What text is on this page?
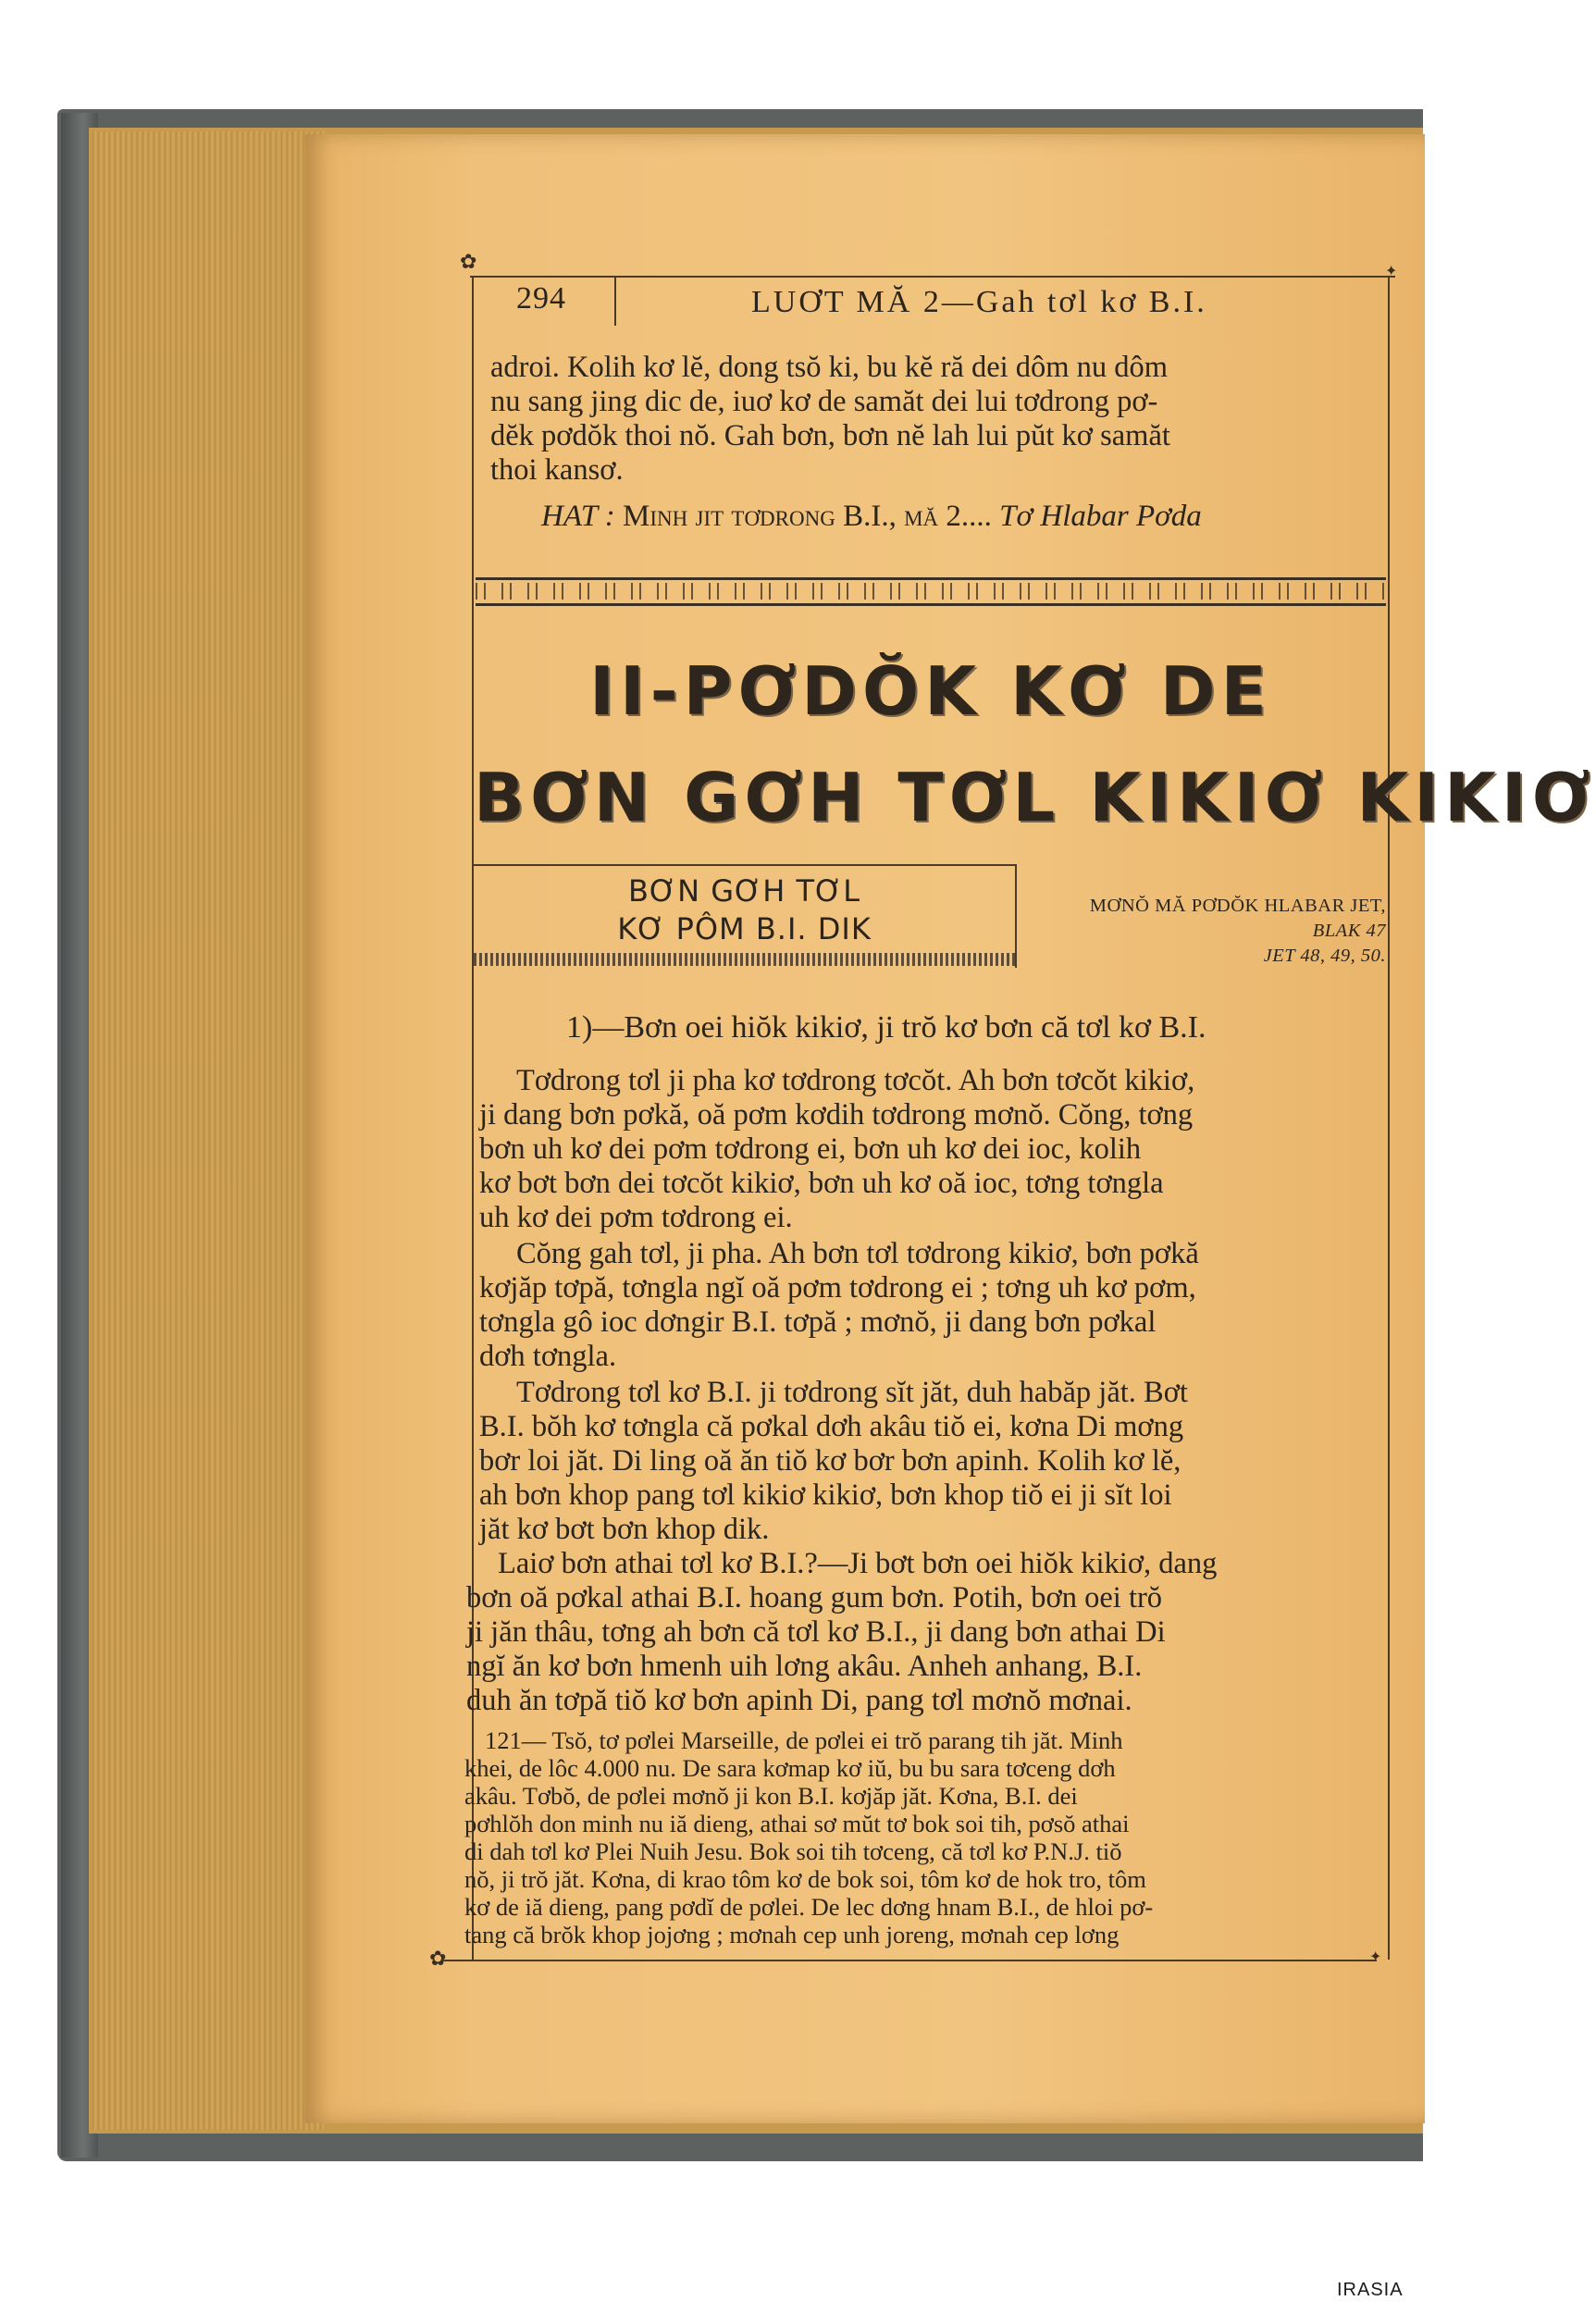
✿	✦
✿	✦
294	LUƠT MĂ 2—Gah tơl kơ B.I.

adroi. Kolih kơ lĕ, dong tsŏ ki, bu kĕ ră dei dôm nu dôm

nu sang jing dic de, iuơ kơ de samăt dei lui tơdrong pơ-

dĕk pơdŏk thoi nŏ. Gah bơn, bơn nĕ lah lui pŭt kơ samăt

thoi kansơ.

HAT : Minh jit tơdrong B.I., mă 2.... Tơ Hlabar Pơda
II-PƠDŎK KƠ DE
BƠN GƠH TƠL KIKIƠ KIKIƠ
BƠN GƠH TƠL
KƠ PÔM B.I. DIK
MƠNŎ MĂ PƠDŎK HLABAR JET,
BLAK 47
JET 48, 49, 50.
1)—Bơn oei hiŏk kikiơ, ji trŏ kơ bơn că tơl kơ B.I.

Tơdrong tơl ji pha kơ tơdrong tơcŏt. Ah bơn tơcŏt kikiơ,

ji dang bơn pơkă, oă pơm kơdih tơdrong mơnŏ. Cŏng, tơng

bơn uh kơ dei pơm tơdrong ei, bơn uh kơ dei ioc, kolih

kơ bơt bơn dei tơcŏt kikiơ, bơn uh kơ oă ioc, tơng tơngla

uh kơ dei pơm tơdrong ei.

Cŏng gah tơl, ji pha. Ah bơn tơl tơdrong kikiơ, bơn pơkă

kơjăp tơpă, tơngla ngĭ oă pơm tơdrong ei ; tơng uh kơ pơm,

tơngla gô ioc dơngir B.I. tơpă ; mơnŏ, ji dang bơn pơkal

dơh tơngla.

Tơdrong tơl kơ B.I. ji tơdrong sĭt jăt, duh habăp jăt. Bơt

B.I. bŏh kơ tơngla că pơkal dơh akâu tiŏ ei, kơna Di mơng

bơr loi jăt. Di ling oă ăn tiŏ kơ bơr bơn apinh. Kolih kơ lĕ,

ah bơn khop pang tơl kikiơ kikiơ, bơn khop tiŏ ei ji sĭt loi

jăt kơ bơt bơn khop dik.

Laiơ bơn athai tơl kơ B.I.?—Ji bơt bơn oei hiŏk kikiơ, dang

bơn oă pơkal athai B.I. hoang gum bơn. Potih, bơn oei trŏ

ji jăn thâu, tơng ah bơn că tơl kơ B.I., ji dang bơn athai Di

ngĭ ăn kơ bơn hmenh uih lơng akâu. Anheh anhang, B.I.

duh ăn tơpă tiŏ kơ bơn apinh Di, pang tơl mơnŏ mơnai.

121— Tsŏ, tơ pơlei Marseille, de pơlei ei trŏ parang tih jăt. Minh

khei, de lôc 4.000 nu. De sara kơmap kơ iŭ, bu bu sara tơceng dơh

akâu. Tơbŏ, de pơlei mơnŏ ji kon B.I. kơjăp jăt. Kơna, B.I. dei

pơhlŏh don minh nu iă dieng, athai sơ mŭt tơ bok soi tih, pơsŏ athai

di dah tơl kơ Plei Nuih Jesu. Bok soi tih tơceng, că tơl kơ P.N.J. tiŏ

nŏ, ji trŏ jăt. Kơna, di krao tôm kơ de bok soi, tôm kơ de hok tro, tôm

kơ de iă dieng, pang pơdĭ de pơlei. De lec dơng hnam B.I., de hloi pơ-

tang că brŏk khop jojơng ; mơnah cep unh joreng, mơnah cep lơng

IRASIA
